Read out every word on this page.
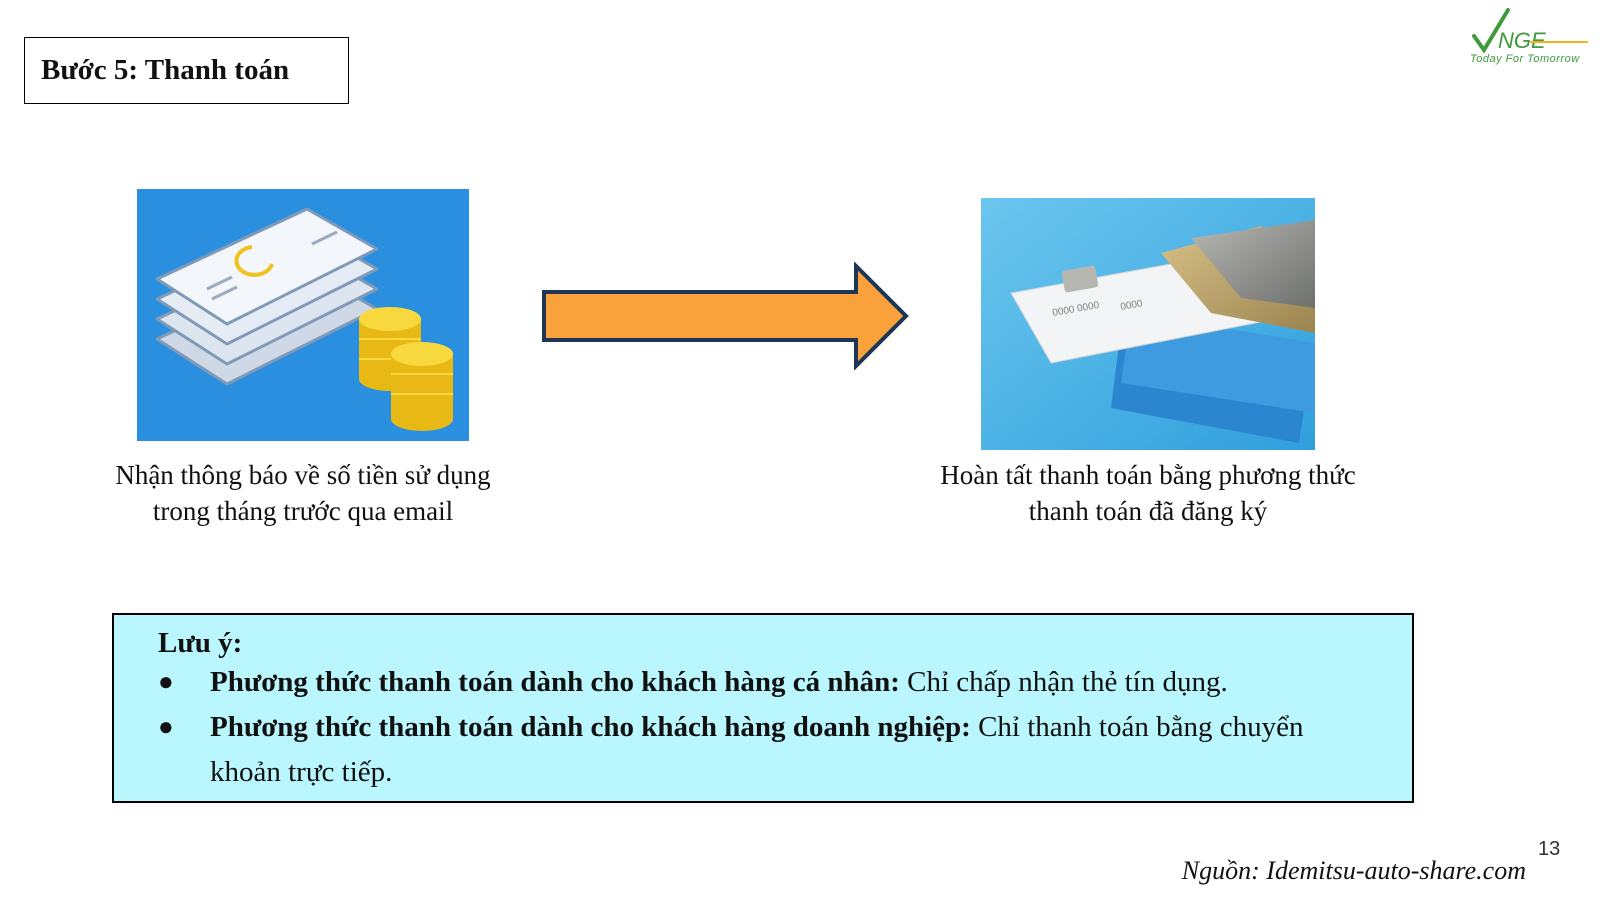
Bước 5: Thanh toán
NGE
Today For Tomorrow
0000 0000 0000
Nhận thông báo về số tiền sử dụng
trong tháng trước qua email
Hoàn tất thanh toán bằng phương thức
thanh toán đã đăng ký
Lưu ý:
● Phương thức thanh toán dành cho khách hàng cá nhân: Chỉ chấp nhận thẻ tín dụng.
● Phương thức thanh toán dành cho khách hàng doanh nghiệp: Chỉ thanh toán bằng chuyển khoản trực tiếp.
13
Nguồn: Idemitsu-auto-share.com
